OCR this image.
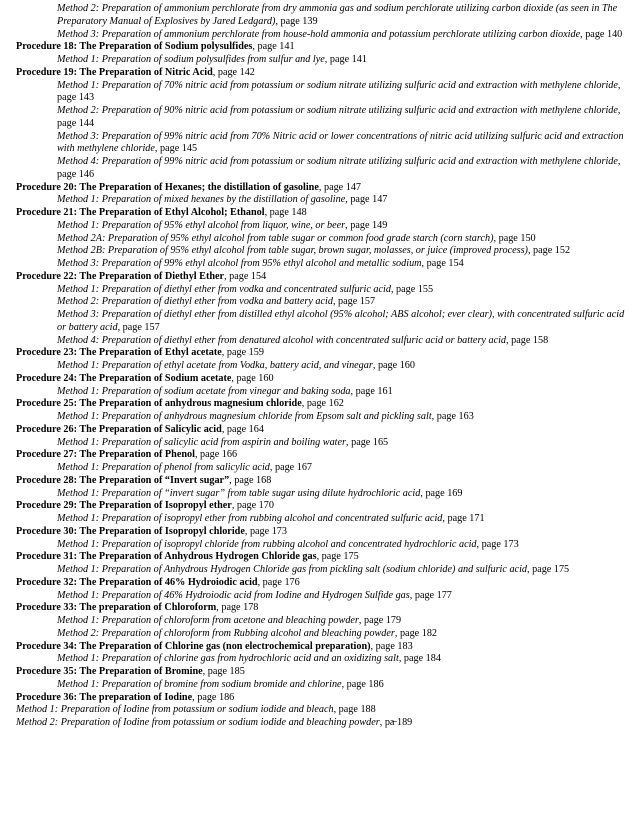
Method 2: Preparation of ammonium perchlorate from dry ammonia gas and sodium perchlorate utilizing carbon dioxide (as seen in The Preparatory Manual of Explosives by Jared Ledgard), page 139

Method 3: Preparation of ammonium perchlorate from house-hold ammonia and potassium perchlorate utilizing carbon dioxide, page 140

Procedure 18: The Preparation of Sodium polysulfides, page 141

Method 1: Preparation of sodium polysulfides from sulfur and lye, page 141

Procedure 19: The Preparation of Nitric Acid, page 142

Method 1: Preparation of 70% nitric acid from potassium or sodium nitrate utilizing sulfuric acid and extraction with methylene chloride, page 143

Method 2: Preparation of 90% nitric acid from potassium or sodium nitrate utilizing sulfuric acid and extraction with methylene chloride, page 144

Method 3: Preparation of 99% nitric acid from 70% Nitric acid or lower concentrations of nitric acid utilizing sulfuric acid and extraction with methylene chloride, page 145

Method 4: Preparation of 99% nitric acid from potassium or sodium nitrate utilizing sulfuric acid and extraction with methylene chloride, page 146

Procedure 20: The Preparation of Hexanes; the distillation of gasoline, page 147

Method 1: Preparation of mixed hexanes by the distillation of gasoline, page 147

Procedure 21: The Preparation of Ethyl Alcohol; Ethanol, page 148

Method 1: Preparation of 95% ethyl alcohol from liquor, wine, or beer, page 149

Method 2A: Preparation of 95% ethyl alcohol from table sugar or common food grade starch (corn starch), page 150

Method 2B: Preparation of 95% ethyl alcohol from table sugar, brown sugar, molasses, or juice (improved process), page 152

Method 3: Preparation of 99% ethyl alcohol from 95% ethyl alcohol and metallic sodium, page 154

Procedure 22: The Preparation of Diethyl Ether, page 154

Method 1: Preparation of diethyl ether from vodka and concentrated sulfuric acid, page 155

Method 2: Preparation of diethyl ether from vodka and battery acid, page 157

Method 3: Preparation of diethyl ether from distilled ethyl alcohol (95% alcohol; ABS alcohol; ever clear), with concentrated sulfuric acid or battery acid, page 157

Method 4: Preparation of diethyl ether from denatured alcohol with concentrated sulfuric acid or battery acid, page 158

Procedure 23: The Preparation of Ethyl acetate, page 159

Method 1: Preparation of ethyl acetate from Vodka, battery acid, and vinegar, page 160

Procedure 24: The Preparation of Sodium acetate, page 160

Method 1: Preparation of sodium acetate from vinegar and baking soda, page 161

Procedure 25: The Preparation of anhydrous magnesium chloride, page 162

Method 1: Preparation of anhydrous magnesium chloride from Epsom salt and pickling salt, page 163

Procedure 26: The Preparation of Salicylic acid, page 164

Method 1: Preparation of salicylic acid from aspirin and boiling water, page 165

Procedure 27: The Preparation of Phenol, page 166

Method 1: Preparation of phenol from salicylic acid, page 167

Procedure 28: The Preparation of “Invert sugar”, page 168

Method 1: Preparation of “invert sugar” from table sugar using dilute hydrochloric acid, page 169

Procedure 29: The Preparation of Isopropyl ether, page 170

Method 1: Preparation of isopropyl ether from rubbing alcohol and concentrated sulfuric acid, page 171

Procedure 30: The Preparation of Isopropyl chloride, page 173

Method 1: Preparation of isopropyl chloride from rubbing alcohol and concentrated hydrochloric acid, page 173

Procedure 31: The Preparation of Anhydrous Hydrogen Chloride gas, page 175

Method 1: Preparation of Anhydrous Hydrogen Chloride gas from pickling salt (sodium chloride) and sulfuric acid, page 175

Procedure 32: The Preparation of 46% Hydroiodic acid, page 176

Method 1: Preparation of 46% Hydroiodic acid from Iodine and Hydrogen Sulfide gas, page 177

Procedure 33: The preparation of Chloroform, page 178

Method 1: Preparation of chloroform from acetone and bleaching powder, page 179

Method 2: Preparation of chloroform from Rubbing alcohol and bleaching powder, page 182

Procedure 34: The Preparation of Chlorine gas (non electrochemical preparation), page 183

Method 1: Preparation of chlorine gas from hydrochloric acid and an oxidizing salt, page 184

Procedure 35: The Preparation of Bromine, page 185

Method 1: Preparation of bromine from sodium bromide and chlorine, page 186

Procedure 36: The preparation of Iodine, page 186

Method 1: Preparation of Iodine from potassium or sodium iodide and bleach, page 188

Method 2: Preparation of Iodine from potassium or sodium iodide and bleaching powder, pa̶ 189
